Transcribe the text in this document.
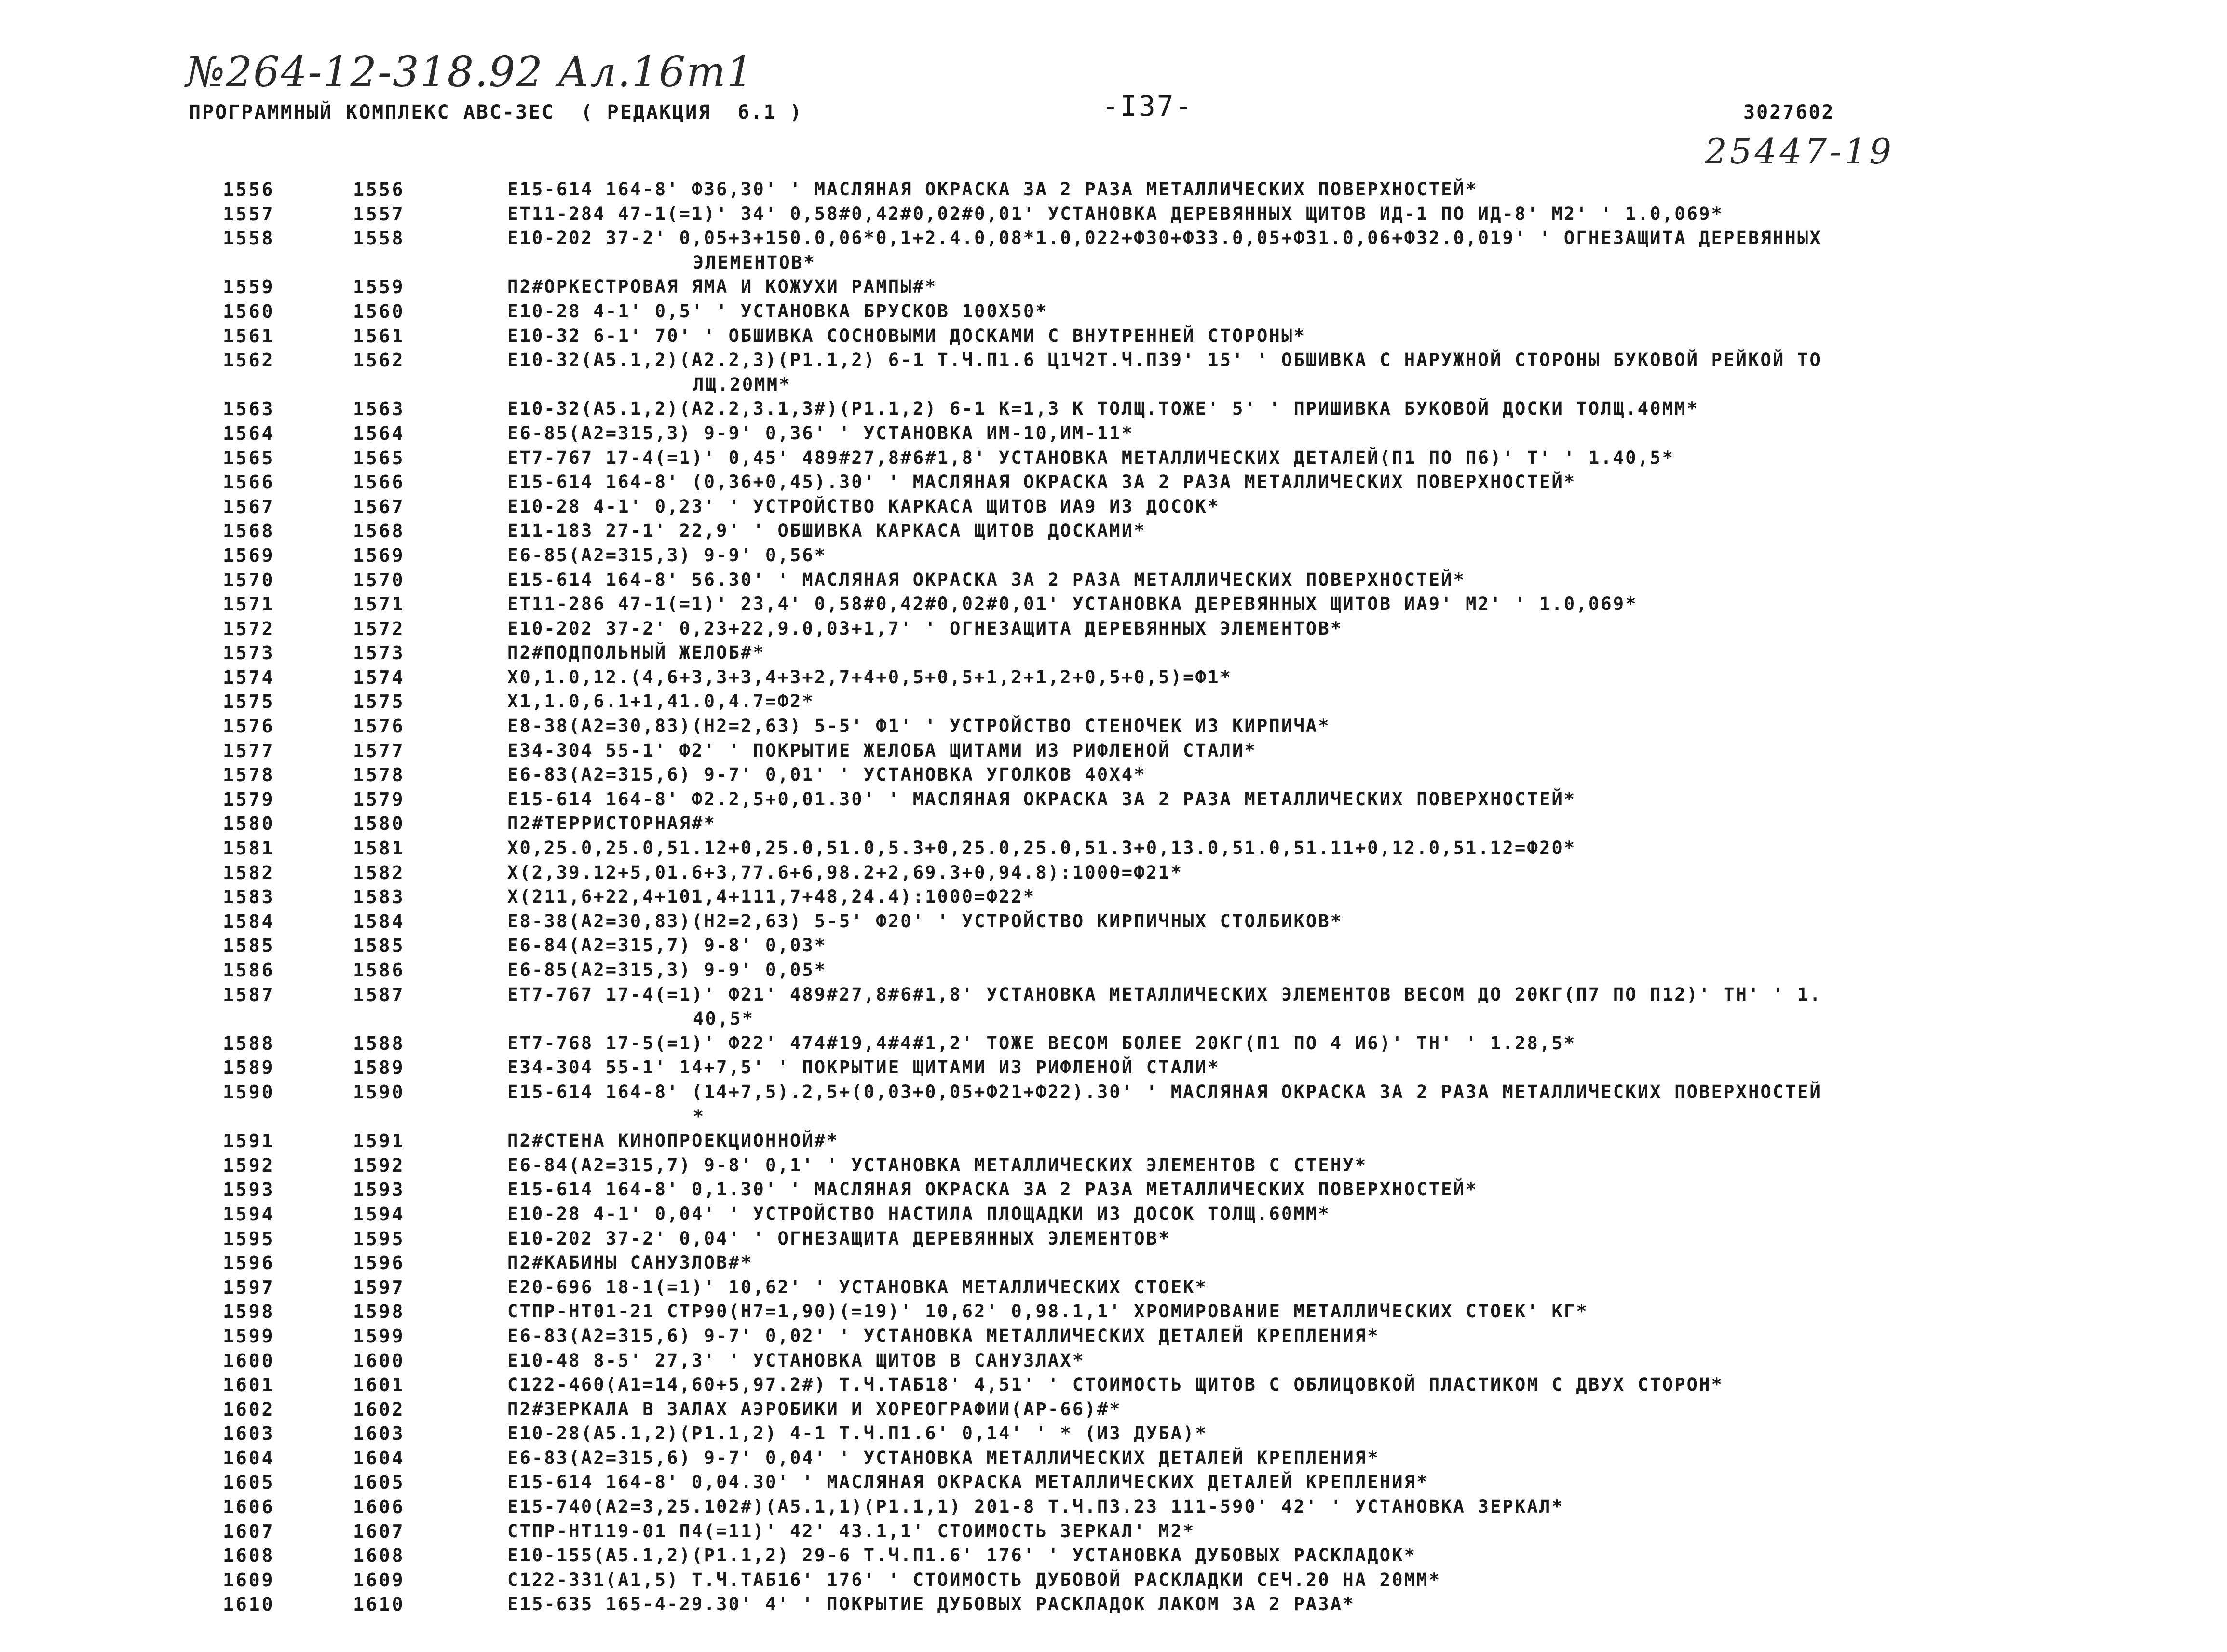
№264-12-318.92 Ал.16т1
25447-19
ПРОГРАММНЫЙ КОМПЛЕКС АВС-3ЕС  ( РЕДАКЦИЯ  6.1 )	-I37-	3027602
1556	1556	Е15-614 164-8' Ф36,30' ' МАСЛЯНАЯ ОКРАСКА ЗА 2 РАЗА МЕТАЛЛИЧЕСКИХ ПОВЕРХНОСТЕЙ*
1557	1557	ЕТ11-284 47-1(=1)' 34' 0,58#0,42#0,02#0,01' УСТАНОВКА ДЕРЕВЯННЫХ ЩИТОВ ИД-1 ПО ИД-8' М2' ' 1.0,069*
1558	1558	Е10-202 37-2' 0,05+3+150.0,06*0,1+2.4.0,08*1.0,022+Ф30+Ф33.0,05+Ф31.0,06+Ф32.0,019' ' ОГНЕЗАЩИТА ДЕРЕВЯННЫХ
ЭЛЕМЕНТОВ*
1559	1559	П2#ОРКЕСТРОВАЯ ЯМА И КОЖУХИ РАМПЫ#*
1560	1560	Е10-28 4-1' 0,5' ' УСТАНОВКА БРУСКОВ 100Х50*
1561	1561	Е10-32 6-1' 70' ' ОБШИВКА СОСНОВЫМИ ДОСКАМИ С ВНУТРЕННЕЙ СТОРОНЫ*
1562	1562	Е10-32(А5.1,2)(А2.2,3)(Р1.1,2) 6-1 Т.Ч.П1.6 Ц1Ч2Т.Ч.П39' 15' ' ОБШИВКА С НАРУЖНОЙ СТОРОНЫ БУКОВОЙ РЕЙКОЙ ТО
ЛЩ.20ММ*
1563	1563	Е10-32(А5.1,2)(А2.2,3.1,3#)(Р1.1,2) 6-1 К=1,3 К ТОЛЩ.ТОЖЕ' 5' ' ПРИШИВКА БУКОВОЙ ДОСКИ ТОЛЩ.40ММ*
1564	1564	Е6-85(А2=315,3) 9-9' 0,36' ' УСТАНОВКА ИМ-10,ИМ-11*
1565	1565	ЕТ7-767 17-4(=1)' 0,45' 489#27,8#6#1,8' УСТАНОВКА МЕТАЛЛИЧЕСКИХ ДЕТАЛЕЙ(П1 ПО П6)' Т' ' 1.40,5*
1566	1566	Е15-614 164-8' (0,36+0,45).30' ' МАСЛЯНАЯ ОКРАСКА ЗА 2 РАЗА МЕТАЛЛИЧЕСКИХ ПОВЕРХНОСТЕЙ*
1567	1567	Е10-28 4-1' 0,23' ' УСТРОЙСТВО КАРКАСА ЩИТОВ ИА9 ИЗ ДОСОК*
1568	1568	Е11-183 27-1' 22,9' ' ОБШИВКА КАРКАСА ЩИТОВ ДОСКАМИ*
1569	1569	Е6-85(А2=315,3) 9-9' 0,56*
1570	1570	Е15-614 164-8' 56.30' ' МАСЛЯНАЯ ОКРАСКА ЗА 2 РАЗА МЕТАЛЛИЧЕСКИХ ПОВЕРХНОСТЕЙ*
1571	1571	ЕТ11-286 47-1(=1)' 23,4' 0,58#0,42#0,02#0,01' УСТАНОВКА ДЕРЕВЯННЫХ ЩИТОВ ИА9' М2' ' 1.0,069*
1572	1572	Е10-202 37-2' 0,23+22,9.0,03+1,7' ' ОГНЕЗАЩИТА ДЕРЕВЯННЫХ ЭЛЕМЕНТОВ*
1573	1573	П2#ПОДПОЛЬНЫЙ ЖЕЛОБ#*
1574	1574	Х0,1.0,12.(4,6+3,3+3,4+3+2,7+4+0,5+0,5+1,2+1,2+0,5+0,5)=Ф1*
1575	1575	Х1,1.0,6.1+1,41.0,4.7=Ф2*
1576	1576	Е8-38(А2=30,83)(Н2=2,63) 5-5' Ф1' ' УСТРОЙСТВО СТЕНОЧЕК ИЗ КИРПИЧА*
1577	1577	Е34-304 55-1' Ф2' ' ПОКРЫТИЕ ЖЕЛОБА ЩИТАМИ ИЗ РИФЛЕНОЙ СТАЛИ*
1578	1578	Е6-83(А2=315,6) 9-7' 0,01' ' УСТАНОВКА УГОЛКОВ 40Х4*
1579	1579	Е15-614 164-8' Ф2.2,5+0,01.30' ' МАСЛЯНАЯ ОКРАСКА ЗА 2 РАЗА МЕТАЛЛИЧЕСКИХ ПОВЕРХНОСТЕЙ*
1580	1580	П2#ТЕРРИСТОРНАЯ#*
1581	1581	Х0,25.0,25.0,51.12+0,25.0,51.0,5.3+0,25.0,25.0,51.3+0,13.0,51.0,51.11+0,12.0,51.12=Ф20*
1582	1582	Х(2,39.12+5,01.6+3,77.6+6,98.2+2,69.3+0,94.8):1000=Ф21*
1583	1583	Х(211,6+22,4+101,4+111,7+48,24.4):1000=Ф22*
1584	1584	Е8-38(А2=30,83)(Н2=2,63) 5-5' Ф20' ' УСТРОЙСТВО КИРПИЧНЫХ СТОЛБИКОВ*
1585	1585	Е6-84(А2=315,7) 9-8' 0,03*
1586	1586	Е6-85(А2=315,3) 9-9' 0,05*
1587	1587	ЕТ7-767 17-4(=1)' Ф21' 489#27,8#6#1,8' УСТАНОВКА МЕТАЛЛИЧЕСКИХ ЭЛЕМЕНТОВ ВЕСОМ ДО 20КГ(П7 ПО П12)' ТН' ' 1.
40,5*
1588	1588	ЕТ7-768 17-5(=1)' Ф22' 474#19,4#4#1,2' ТОЖЕ ВЕСОМ БОЛЕЕ 20КГ(П1 ПО 4 И6)' ТН' ' 1.28,5*
1589	1589	Е34-304 55-1' 14+7,5' ' ПОКРЫТИЕ ЩИТАМИ ИЗ РИФЛЕНОЙ СТАЛИ*
1590	1590	Е15-614 164-8' (14+7,5).2,5+(0,03+0,05+Ф21+Ф22).30' ' МАСЛЯНАЯ ОКРАСКА ЗА 2 РАЗА МЕТАЛЛИЧЕСКИХ ПОВЕРХНОСТЕЙ
*
1591	1591	П2#СТЕНА КИНОПРОЕКЦИОННОЙ#*
1592	1592	Е6-84(А2=315,7) 9-8' 0,1' ' УСТАНОВКА МЕТАЛЛИЧЕСКИХ ЭЛЕМЕНТОВ С СТЕНУ*
1593	1593	Е15-614 164-8' 0,1.30' ' МАСЛЯНАЯ ОКРАСКА ЗА 2 РАЗА МЕТАЛЛИЧЕСКИХ ПОВЕРХНОСТЕЙ*
1594	1594	Е10-28 4-1' 0,04' ' УСТРОЙСТВО НАСТИЛА ПЛОЩАДКИ ИЗ ДОСОК ТОЛЩ.60ММ*
1595	1595	Е10-202 37-2' 0,04' ' ОГНЕЗАЩИТА ДЕРЕВЯННЫХ ЭЛЕМЕНТОВ*
1596	1596	П2#КАБИНЫ САНУЗЛОВ#*
1597	1597	Е20-696 18-1(=1)' 10,62' ' УСТАНОВКА МЕТАЛЛИЧЕСКИХ СТОЕК*
1598	1598	СТПР-НТ01-21 СТР90(Н7=1,90)(=19)' 10,62' 0,98.1,1' ХРОМИРОВАНИЕ МЕТАЛЛИЧЕСКИХ СТОЕК' КГ*
1599	1599	Е6-83(А2=315,6) 9-7' 0,02' ' УСТАНОВКА МЕТАЛЛИЧЕСКИХ ДЕТАЛЕЙ КРЕПЛЕНИЯ*
1600	1600	Е10-48 8-5' 27,3' ' УСТАНОВКА ЩИТОВ В САНУЗЛАХ*
1601	1601	С122-460(А1=14,60+5,97.2#) Т.Ч.ТАБ18' 4,51' ' СТОИМОСТЬ ЩИТОВ С ОБЛИЦОВКОЙ ПЛАСТИКОМ С ДВУХ СТОРОН*
1602	1602	П2#ЗЕРКАЛА В ЗАЛАХ АЭРОБИКИ И ХОРЕОГРАФИИ(АР-66)#*
1603	1603	Е10-28(А5.1,2)(Р1.1,2) 4-1 Т.Ч.П1.6' 0,14' ' * (ИЗ ДУБА)*
1604	1604	Е6-83(А2=315,6) 9-7' 0,04' ' УСТАНОВКА МЕТАЛЛИЧЕСКИХ ДЕТАЛЕЙ КРЕПЛЕНИЯ*
1605	1605	Е15-614 164-8' 0,04.30' ' МАСЛЯНАЯ ОКРАСКА МЕТАЛЛИЧЕСКИХ ДЕТАЛЕЙ КРЕПЛЕНИЯ*
1606	1606	Е15-740(А2=3,25.102#)(А5.1,1)(Р1.1,1) 201-8 Т.Ч.П3.23 111-590' 42' ' УСТАНОВКА ЗЕРКАЛ*
1607	1607	СТПР-НТ119-01 П4(=11)' 42' 43.1,1' СТОИМОСТЬ ЗЕРКАЛ' М2*
1608	1608	Е10-155(А5.1,2)(Р1.1,2) 29-6 Т.Ч.П1.6' 176' ' УСТАНОВКА ДУБОВЫХ РАСКЛАДОК*
1609	1609	С122-331(А1,5) Т.Ч.ТАБ16' 176' ' СТОИМОСТЬ ДУБОВОЙ РАСКЛАДКИ СЕЧ.20 НА 20ММ*
1610	1610	Е15-635 165-4-29.30' 4' ' ПОКРЫТИЕ ДУБОВЫХ РАСКЛАДОК ЛАКОМ ЗА 2 РАЗА*
